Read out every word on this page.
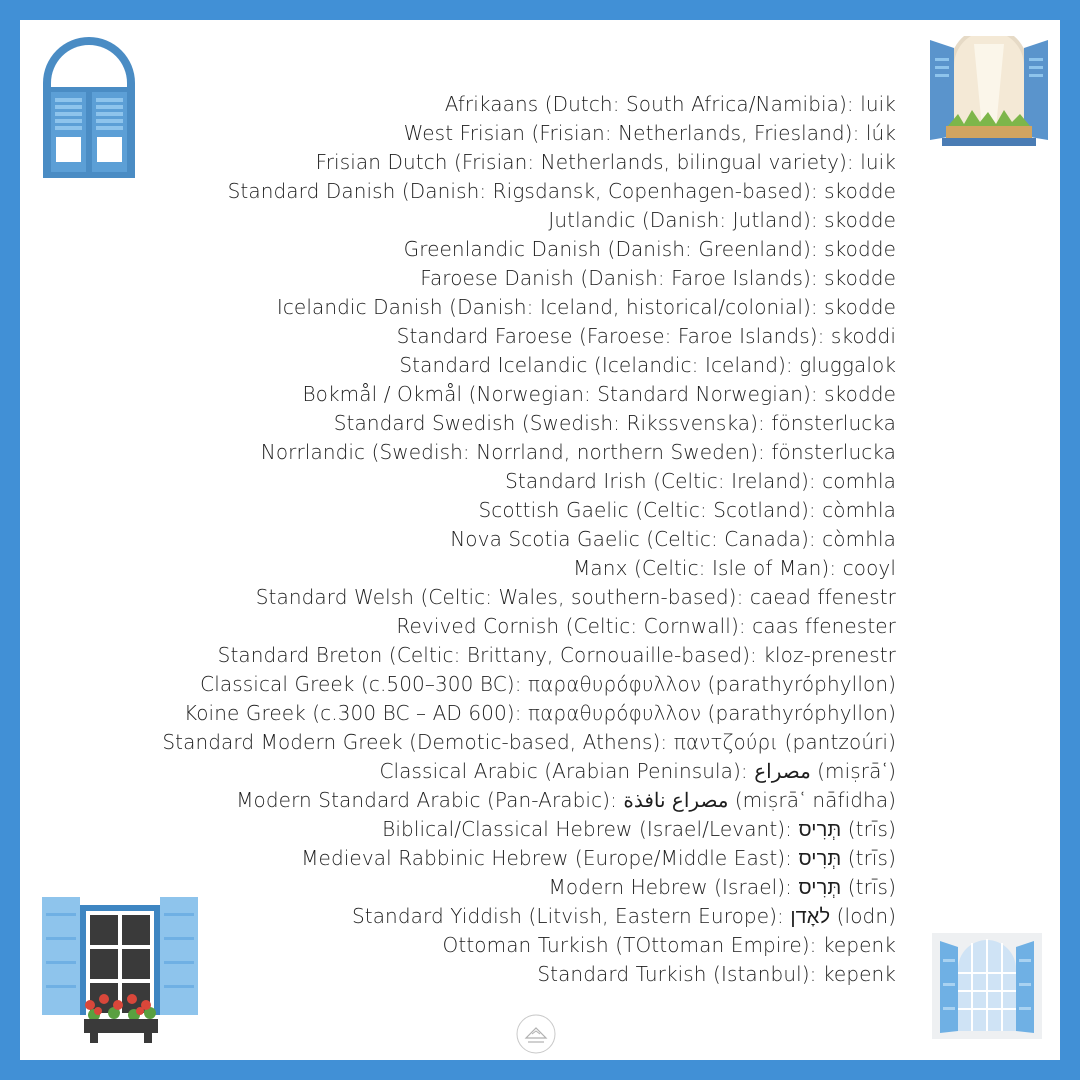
Afrikaans (Dutch: South Africa/Namibia): luik
West Frisian (Frisian: Netherlands, Friesland): lúk
Frisian Dutch (Frisian: Netherlands, bilingual variety): luik
Standard Danish (Danish: Rigsdansk, Copenhagen-based): skodde
Jutlandic (Danish: Jutland): skodde
Greenlandic Danish (Danish: Greenland): skodde
Faroese Danish (Danish: Faroe Islands): skodde
Icelandic Danish (Danish: Iceland, historical/colonial): skodde
Standard Faroese (Faroese: Faroe Islands): skoddi
Standard Icelandic (Icelandic: Iceland): gluggalok
Bokmål / Okmål (Norwegian: Standard Norwegian): skodde
Standard Swedish (Swedish: Rikssvenska): fönsterlucka
Norrlandic (Swedish: Norrland, northern Sweden): fönsterlucka
Standard Irish (Celtic: Ireland): comhla
Scottish Gaelic (Celtic: Scotland): còmhla
Nova Scotia Gaelic (Celtic: Canada): còmhla
Manx (Celtic: Isle of Man): cooyl
Standard Welsh (Celtic: Wales, southern-based): caead ffenestr
Revived Cornish (Celtic: Cornwall): caas ffenester
Standard Breton (Celtic: Brittany, Cornouaille-based): kloz-prenestr
Classical Greek (c.500–300 BC): παραθυρόφυλλον (parathyróphyllon)
Koine Greek (c.300 BC – AD 600): παραθυρόφυλλον (parathyróphyllon)
Standard Modern Greek (Demotic-based, Athens): παντζούρι (pantzoúri)
Classical Arabic (Arabian Peninsula): مصراع (miṣrāʿ)
Modern Standard Arabic (Pan-Arabic): مصراع نافذة (miṣrāʿ nāfidha)
Biblical/Classical Hebrew (Israel/Levant): תְּרִיס (trīs)
Medieval Rabbinic Hebrew (Europe/Middle East): תְּרִיס (trīs)
Modern Hebrew (Israel): תְּרִיס (trīs)
Standard Yiddish (Litvish, Eastern Europe): לאָדן (lodn)
Ottoman Turkish (TOttoman Empire): kepenk
Standard Turkish (Istanbul): kepenk
